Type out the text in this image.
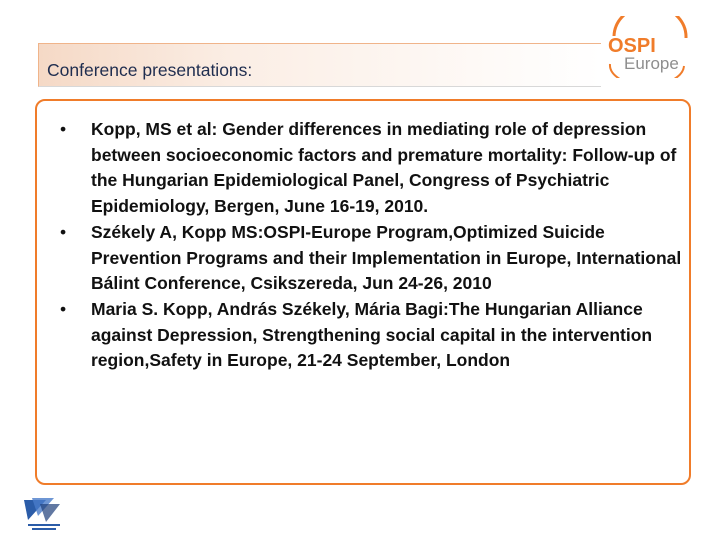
Conference presentations:
OSPI
Europe
• Kopp, MS et al: Gender differences in mediating role of depression between socioeconomic factors and premature mortality: Follow-up of the Hungarian Epidemiological Panel, Congress of Psychiatric Epidemiology, Bergen, June 16-19, 2010.
• Székely A, Kopp MS:OSPI-Europe Program,Optimized Suicide Prevention Programs and their Implementation in Europe, International Bálint Conference, Csikszereda, Jun 24-26, 2010
• Maria S. Kopp, András Székely, Mária Bagi:The Hungarian Alliance against Depression, Strengthening social capital in the intervention region,Safety in Europe, 21-24 September, London
